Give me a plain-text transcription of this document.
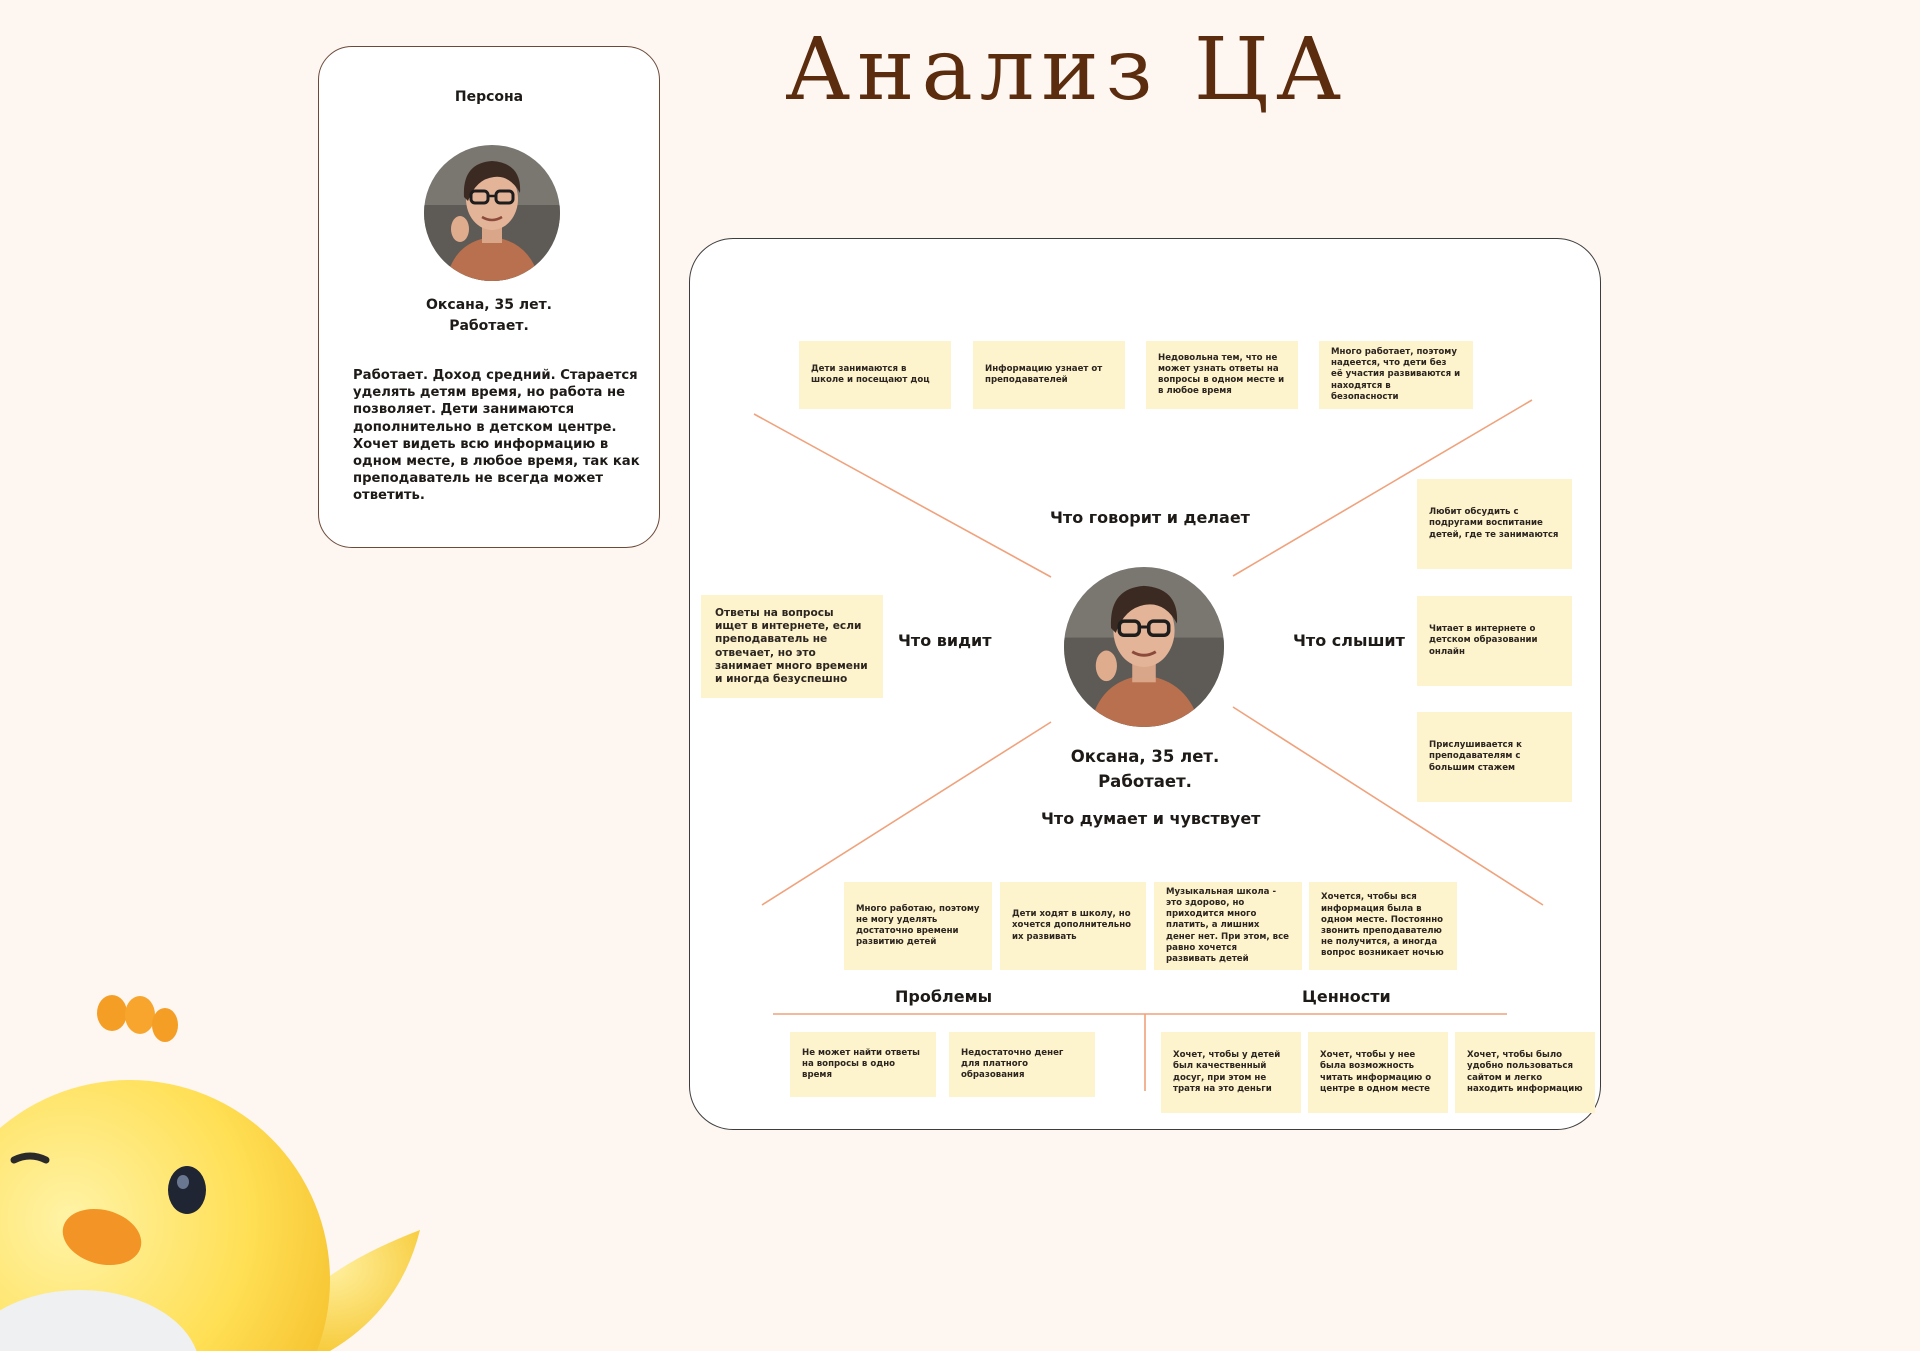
Анализ ЦА
Персона
Оксана, 35 лет.
Работает.
Работает. Доход средний. Старается уделять детям время, но работа не позволяет. Дети занимаются дополнительно в детском центре. Хочет видеть всю информацию в одном месте, в любое время, так как преподаватель не всегда может ответить.
Дети занимаются в школе и посещают доц
Информацию узнает от преподавателей
Недовольна тем, что не может узнать ответы на вопросы в одном месте и в любое время
Много работает, поэтому надеется, что дети без её участия развиваются и находятся в безопасности
Что говорит и делает	Любит обсудить с подругами воспитание детей, где те занимаются
Читает в интернете о детском образовании онлайн
Прислушивается к преподавателям с большим стажем
Ответы на вопросы ищет в интернете, если преподаватель не отвечает, но это занимает много времени и иногда безуспешно
Что видит
Оксана, 35 лет.
Работает.
Что слышит
Что думает и чувствует
Много работаю, поэтому не могу уделять достаточно времени развитию детей
Дети ходят в школу, но хочется дополнительно их развивать
Музыкальная школа - это здорово, но приходится много платить, а лишних денег нет. При этом, все равно хочется развивать детей
Хочется, чтобы вся информация была в одном месте. Постоянно звонить преподавателю не получится, а иногда вопрос возникает ночью
Проблемы	Ценности
Не может найти ответы на вопросы в одно время
Недостаточно денег для платного образования
Хочет, чтобы у детей был качественный досуг, при этом не тратя на это деньги
Хочет, чтобы у нее была возможность читать информацию о центре в одном месте
Хочет, чтобы было удобно пользоваться сайтом и легко находить информацию
